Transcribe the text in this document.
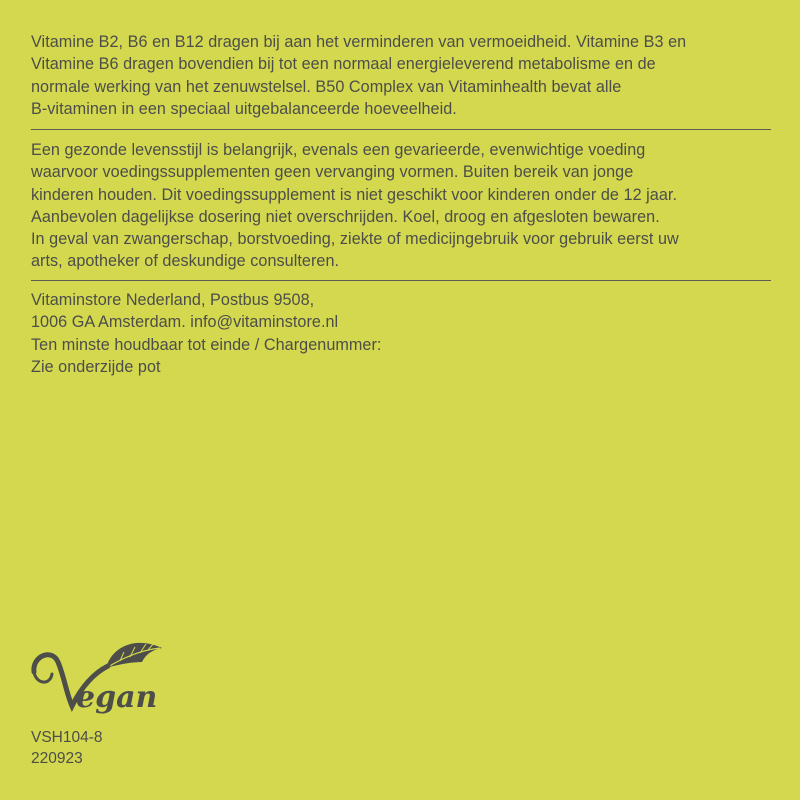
Vitamine B2, B6 en B12 dragen bij aan het verminderen van vermoeidheid. Vitamine B3 en
Vitamine B6 dragen bovendien bij tot een normaal energieleverend metabolisme en de
normale werking van het zenuwstelsel. B50 Complex van Vitaminhealth bevat alle
B-vitaminen in een speciaal uitgebalanceerde hoeveelheid.
Een gezonde levensstijl is belangrijk, evenals een gevarieerde, evenwichtige voeding
waarvoor voedingssupplementen geen vervanging vormen. Buiten bereik van jonge
kinderen houden. Dit voedingssupplement is niet geschikt voor kinderen onder de 12 jaar.
Aanbevolen dagelijkse dosering niet overschrijden. Koel, droog en afgesloten bewaren.
In geval van zwangerschap, borstvoeding, ziekte of medicijngebruik voor gebruik eerst uw
arts, apotheker of deskundige consulteren.
Vitaminstore Nederland, Postbus 9508,
1006 GA Amsterdam. info@vitaminstore.nl
Ten minste houdbaar tot einde / Chargenummer:
Zie onderzijde pot
egan
VSH104-8
220923
